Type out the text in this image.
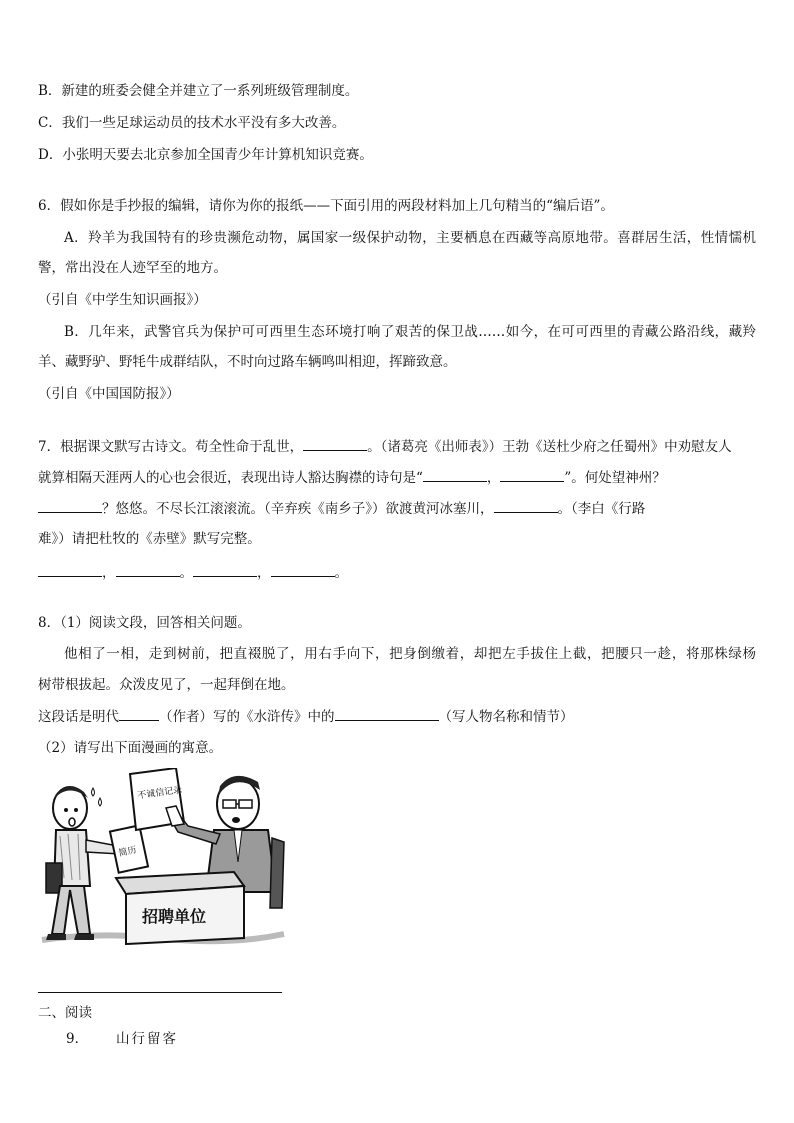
B．新建的班委会健全并建立了一系列班级管理制度。
C．我们一些足球运动员的技术水平没有多大改善。
D．小张明天要去北京参加全国青少年计算机知识竞赛。
6．假如你是手抄报的编辑，请你为你的报纸——下面引用的两段材料加上几句精当的“编后语”。
A．羚羊为我国特有的珍贵濒危动物，属国家一级保护动物，主要栖息在西藏等高原地带。喜群居生活，性情懦机
警，常出没在人迹罕至的地方。
（引自《中学生知识画报》）
B．几年来，武警官兵为保护可可西里生态环境打响了艰苦的保卫战……如今，在可可西里的青藏公路沿线，藏羚
羊、藏野驴、野牦牛成群结队，不时向过路车辆鸣叫相迎，挥蹄致意。
（引自《中国国防报》）
7．根据课文默写古诗文。苟全性命于乱世，	。（诸葛亮《出师表》）王勃《送杜少府之任蜀州》中劝慰友人
就算相隔天涯两人的心也会很近，表现出诗人豁达胸襟的诗句是“	，	”。何处望神州？
？悠悠。不尽长江滚滚流。（辛弃疾《南乡子》）欲渡黄河冰塞川，	。（李白《行路
难》）请把杜牧的《赤壁》默写完整。
，	。	，	。
8．（1）阅读文段，回答相关问题。
他相了一相，走到树前，把直裰脱了，用右手向下，把身倒缴着，却把左手拔住上截，把腰只一趁，将那株绿杨
树带根拔起。众泼皮见了，一起拜倒在地。
这段话是明代	（作者）写的《水浒传》中的	（写人物名称和情节）
（2）请写出下面漫画的寓意。
简历
不诚信记录
招聘单位
二、阅读
9． 山行留客
